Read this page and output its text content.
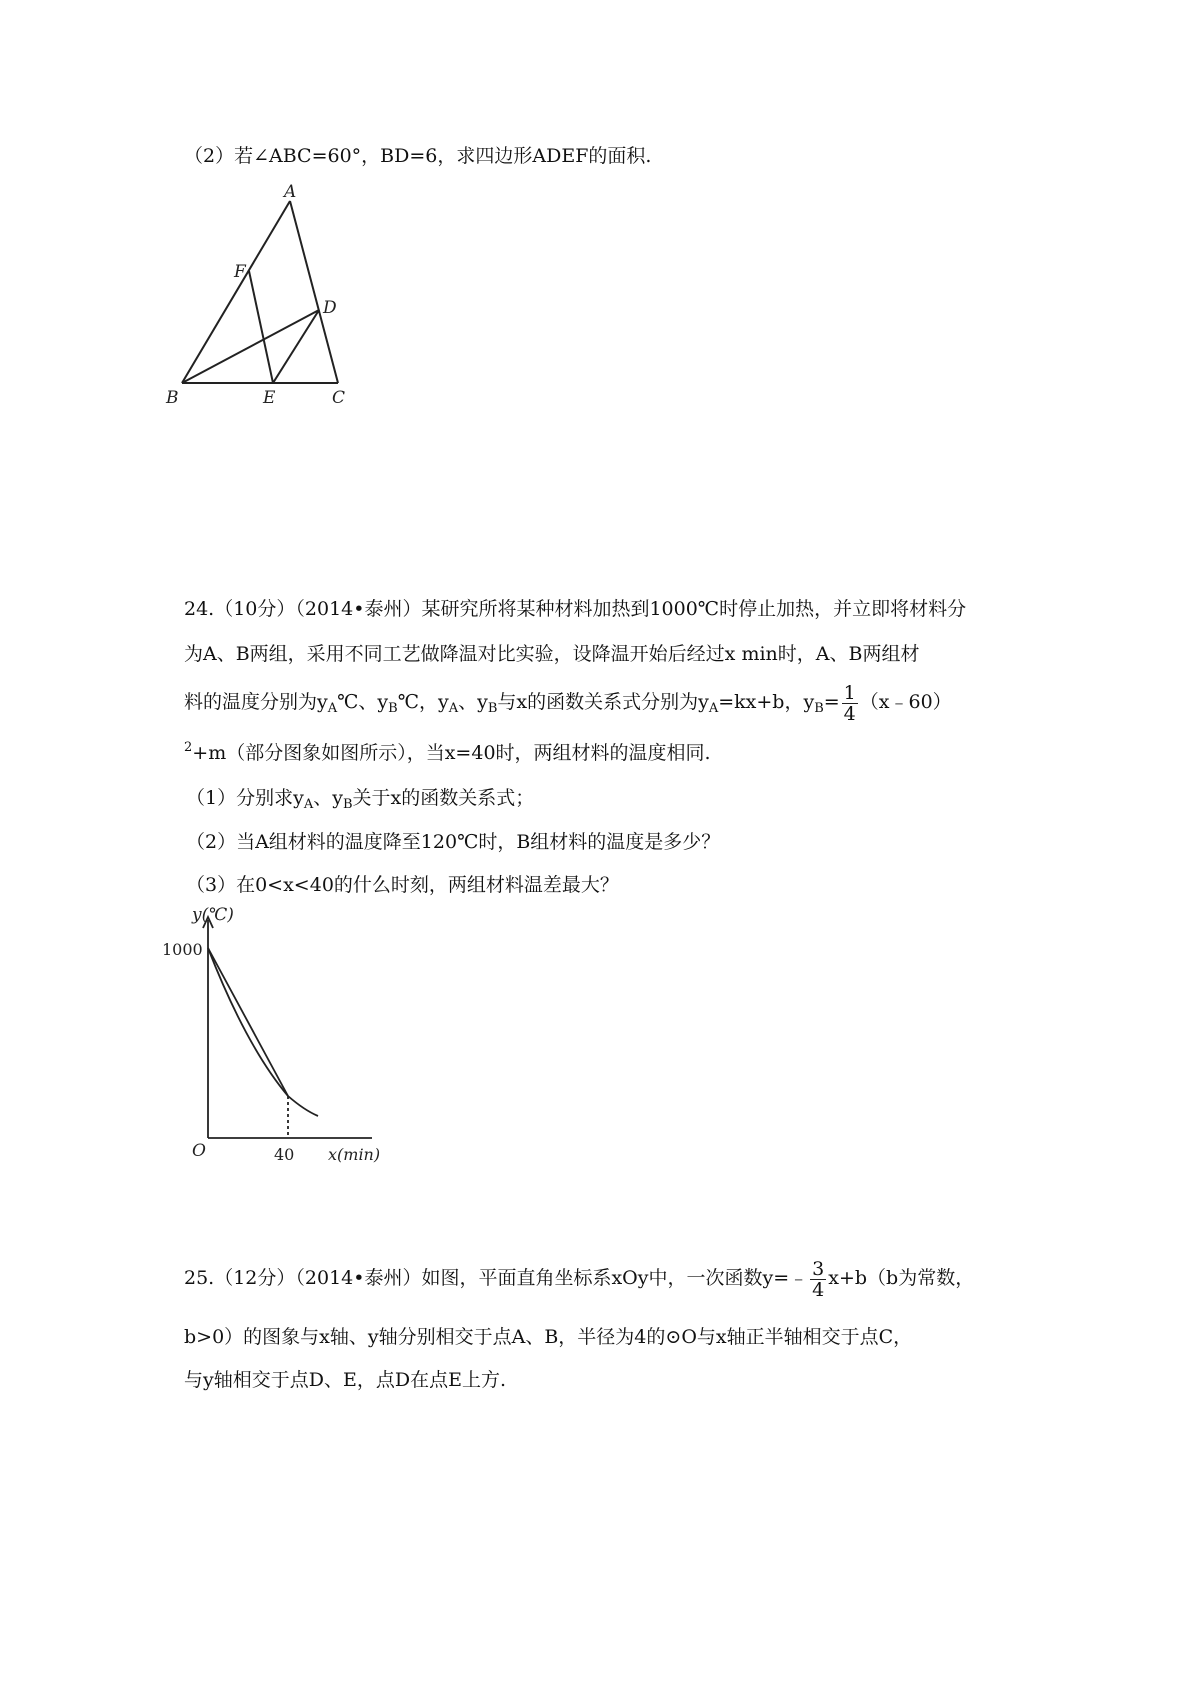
（2）若∠ABC=60°，BD=6，求四边形ADEF的面积.
A
F
D
B	E	C
24.（10分）（2014•泰州）某研究所将某种材料加热到1000℃时停止加热，并立即将材料分
为A、B两组，采用不同工艺做降温对比实验，设降温开始后经过x min时，A、B两组材
料的温度分别为$y_A℃$、$y_B℃$，$y_A$、$y_B$与x的函数关系式分别为$y_A=kx+b$，$y_B= \frac{1}{4}$ （x﹣60）
$^2$+m（部分图象如图所示），当x=40时，两组材料的温度相同.
（1）分别求$y_A$、$y_B$关于x的函数关系式；
（2）当A组材料的温度降至120℃时，B组材料的温度是多少？
（3）在0<x<40的什么时刻，两组材料温差最大？
y(℃)
1000
O	40 x(min)
25.（12分）（2014•泰州）如图，平面直角坐标系xOy中，一次函数y=﹣ $\frac{3}{4} x+b(b$为常数，
b>0）的图象与x轴、y轴分别相交于点A、B，半径为4的⊙O与x轴正半轴相交于点C，
与y轴相交于点D、E，点D在点E上方.
